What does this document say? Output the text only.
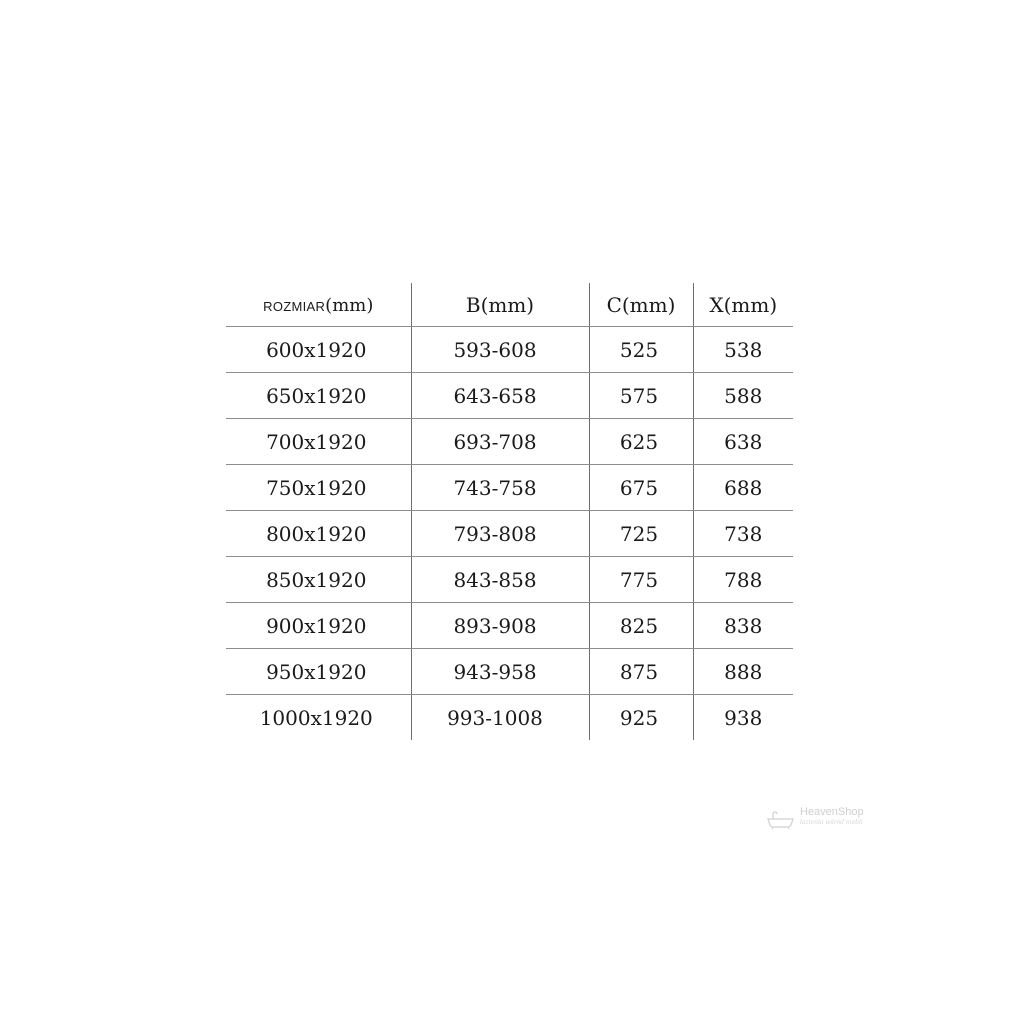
ROZMIAR(mm)	B(mm)	C(mm)	X(mm)
600x1920	593-608	525	538
650x1920	643-658	575	588
700x1920	693-708	625	638
750x1920	743-758	675	688
800x1920	793-808	725	738
850x1920	843-858	775	788
900x1920	893-908	825	838
950x1920	943-958	875	888
1000x1920	993-1008	925	938
HeavenShop
łazienki wśród mebli
